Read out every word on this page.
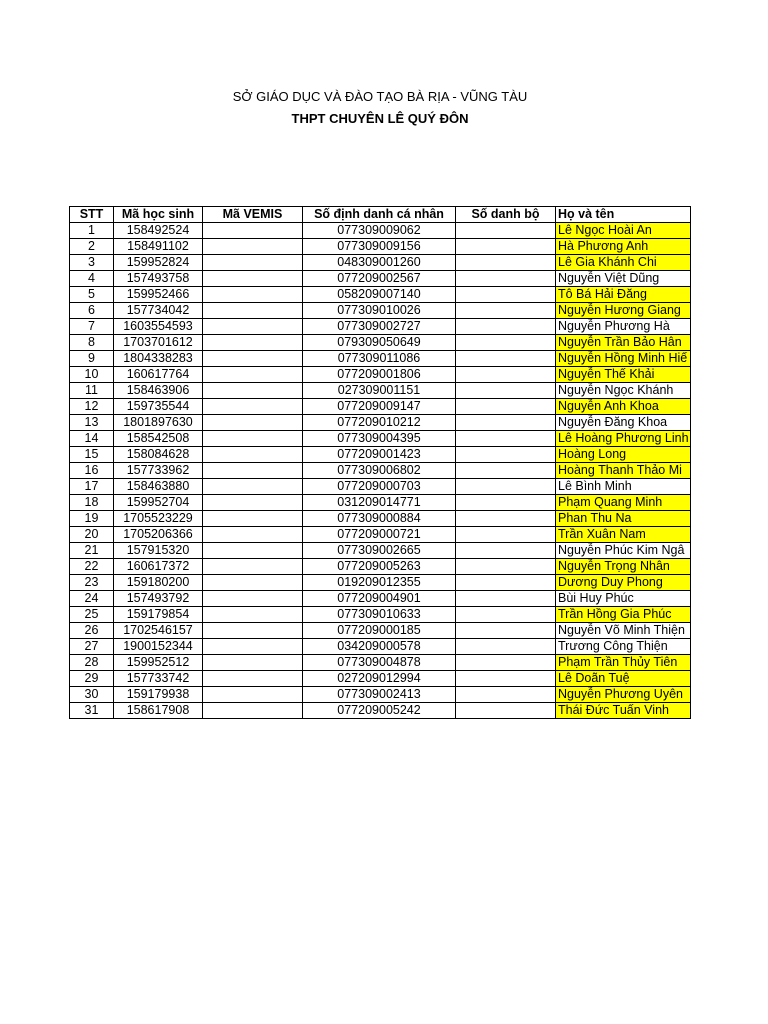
SỞ GIÁO DỤC VÀ ĐÀO TẠO BÀ RỊA - VŨNG TÀU
THPT CHUYÊN LÊ QUÝ ĐÔN
STT	Mã học sinh	Mã VEMIS	Số định danh cá nhân	Số danh bộ	Họ và tên
1	158492524		077309009062		Lê Ngọc Hoài An
2	158491102		077309009156		Hà Phương Anh
3	159952824		048309001260		Lê Gia Khánh Chi
4	157493758		077209002567		Nguyễn Việt Dũng
5	159952466		058209007140		Tô Bá Hải Đăng
6	157734042		077309010026		Nguyễn Hương Giang
7	1603554593		077309002727		Nguyễn Phương Hà
8	1703701612		079309050649		Nguyễn Trần Bảo Hân
9	1804338283		077309011086		Nguyễn Hồng Minh Hiế
10	160617764		077209001806		Nguyễn Thế Khải
11	158463906		027309001151		Nguyễn Ngọc Khánh
12	159735544		077209009147		Nguyễn Anh Khoa
13	1801897630		077209010212		Nguyễn Đăng Khoa
14	158542508		077309004395		Lê Hoàng Phương Linh
15	158084628		077209001423		Hoàng Long
16	157733962		077309006802		Hoàng Thanh Thảo Mi
17	158463880		077209000703		Lê Bình Minh
18	159952704		031209014771		Phạm Quang Minh
19	1705523229		077309000884		Phan Thu Na
20	1705206366		077209000721		Trần Xuân Nam
21	157915320		077309002665		Nguyễn Phúc Kim Ngâ
22	160617372		077209005263		Nguyễn Trọng Nhân
23	159180200		019209012355		Dương Duy Phong
24	157493792		077209004901		Bùi Huy Phúc
25	159179854		077309010633		Trần Hồng Gia Phúc
26	1702546157		077209000185		Nguyễn Võ Minh Thiện
27	1900152344		034209000578		Trương Công Thiện
28	159952512		077309004878		Phạm Trần Thủy Tiên
29	157733742		027209012994		Lê Doãn Tuệ
30	159179938		077309002413		Nguyễn Phương Uyên
31	158617908		077209005242		Thái Đức Tuấn Vinh
